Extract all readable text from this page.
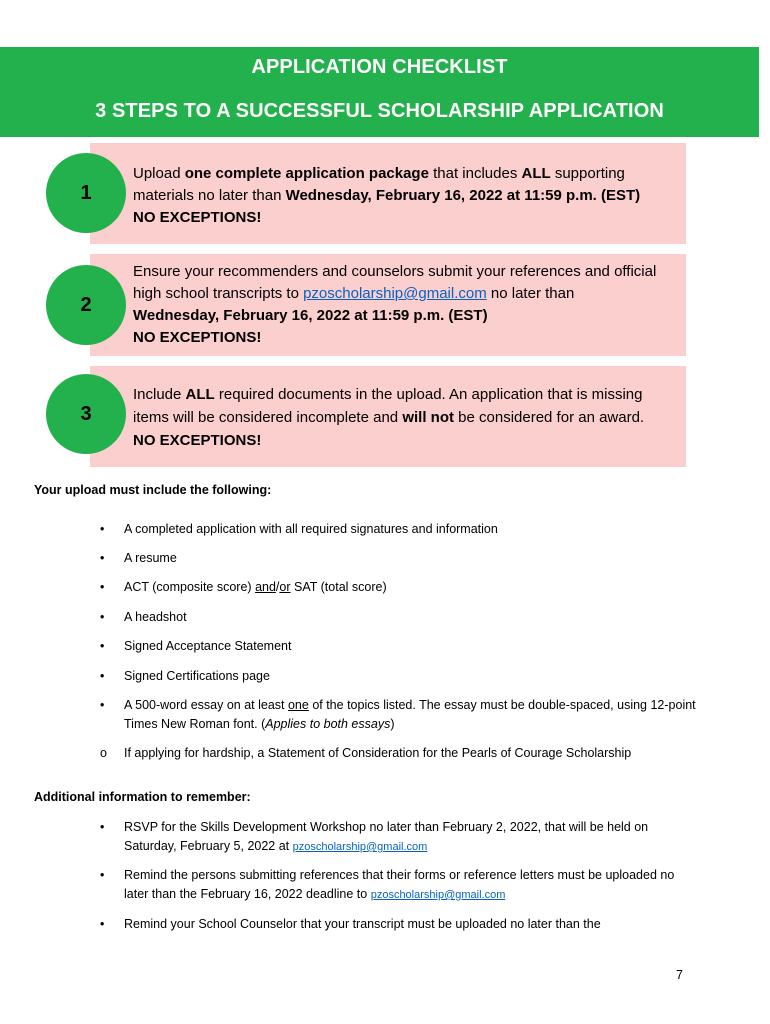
APPLICATION CHECKLIST
3 STEPS TO A SUCCESSFUL SCHOLARSHIP APPLICATION
Upload one complete application package that includes ALL supporting materials no later than Wednesday, February 16, 2022 at 11:59 p.m. (EST)
NO EXCEPTIONS!
1
Ensure your recommenders and counselors submit your references and official high school transcripts to pzoscholarship@gmail.com no later than
Wednesday, February 16, 2022 at 11:59 p.m. (EST)
NO EXCEPTIONS!
2
Include ALL required documents in the upload. An application that is missing items will be considered incomplete and will not be considered for an award.   NO EXCEPTIONS!
3
Your upload must include the following:
•	A completed application with all required signatures and information
•	A resume
•	ACT (composite score) and/or SAT (total score)
•	A headshot
•	Signed Acceptance Statement
•	Signed Certifications page
•	A 500-word essay on at least one of the topics listed. The essay must be double-spaced, using 12-point Times New Roman font. (Applies to both essays)
o	If applying for hardship, a Statement of Consideration for the Pearls of Courage Scholarship
Additional information to remember:
•	RSVP for the Skills Development Workshop no later than February 2, 2022, that will be held on Saturday, February 5, 2022 at pzoscholarship@gmail.com
•	Remind the persons submitting references that their forms or reference letters must be uploaded no later than the February 16, 2022 deadline to pzoscholarship@gmail.com
•	Remind your School Counselor that your transcript must be uploaded no later than the
7
